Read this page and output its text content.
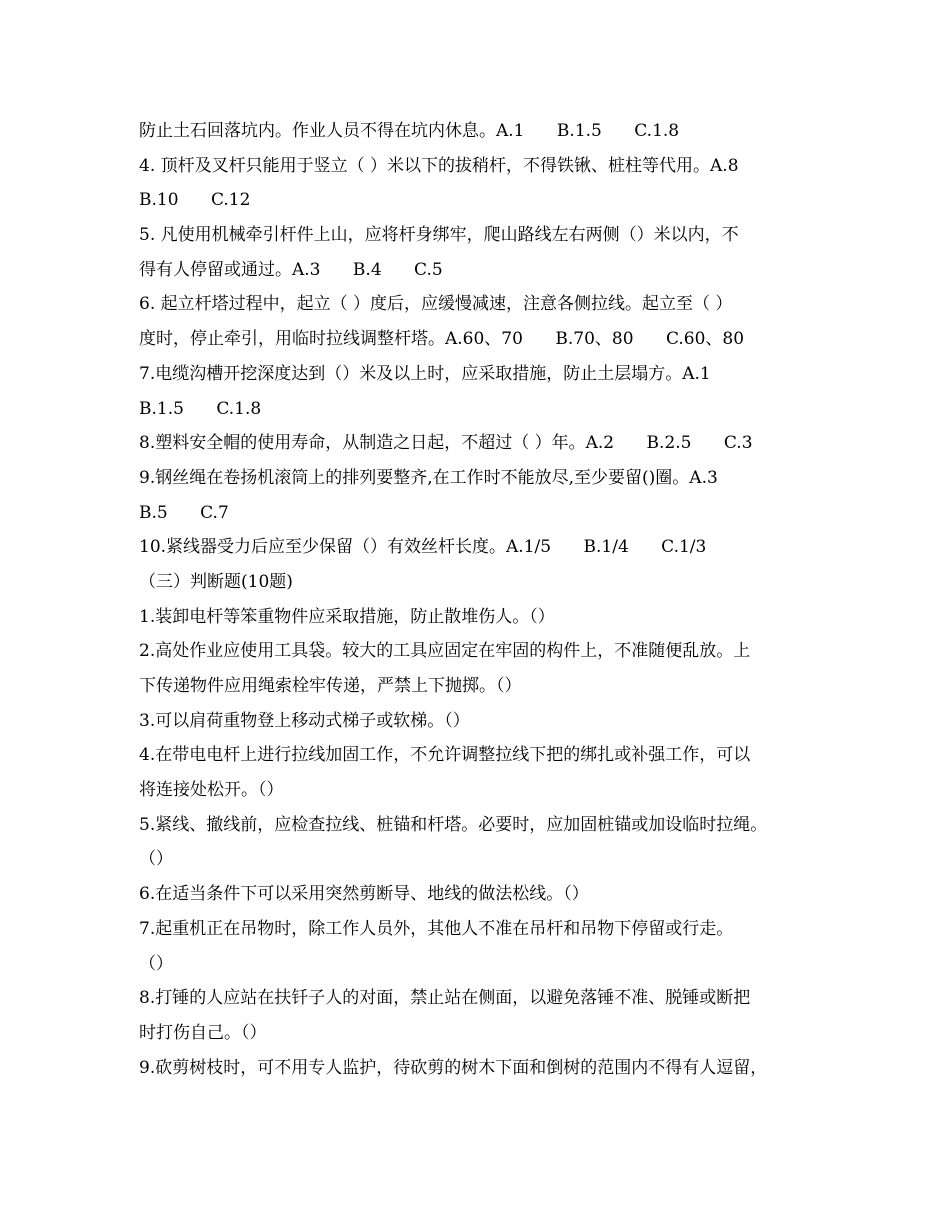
防止土石回落坑内。作业人员不得在坑内休息。A.1      B.1.5      C.1.8
4. 顶杆及叉杆只能用于竖立（ ）米以下的拔稍杆，不得铁锹、桩柱等代用。A.8
B.10      C.12
5. 凡使用机械牵引杆件上山，应将杆身绑牢，爬山路线左右两侧（）米以内，不
得有人停留或通过。A.3      B.4      C.5
6. 起立杆塔过程中，起立（ ）度后，应缓慢减速，注意各侧拉线。起立至（ ）
度时，停止牵引，用临时拉线调整杆塔。A.60、70      B.70、80      C.60、80
7.电缆沟槽开挖深度达到（）米及以上时，应采取措施，防止土层塌方。A.1
B.1.5      C.1.8
8.塑料安全帽的使用寿命，从制造之日起，不超过（ ）年。A.2      B.2.5      C.3
9.钢丝绳在卷扬机滚筒上的排列要整齐,在工作时不能放尽,至少要留()圈。A.3
B.5      C.7
10.紧线器受力后应至少保留（）有效丝杆长度。A.1/5      B.1/4      C.1/3
（三）判断题(10题)
1.装卸电杆等笨重物件应采取措施，防止散堆伤人。（）
2.高处作业应使用工具袋。较大的工具应固定在牢固的构件上，不准随便乱放。上
下传递物件应用绳索栓牢传递，严禁上下抛掷。（）
3.可以肩荷重物登上移动式梯子或软梯。（）
4.在带电电杆上进行拉线加固工作，不允许调整拉线下把的绑扎或补强工作，可以
将连接处松开。（）
5.紧线、撤线前，应检查拉线、桩锚和杆塔。必要时，应加固桩锚或加设临时拉绳。
（）
6.在适当条件下可以采用突然剪断导、地线的做法松线。（）
7.起重机正在吊物时，除工作人员外，其他人不准在吊杆和吊物下停留或行走。
（）
8.打锤的人应站在扶钎子人的对面，禁止站在侧面，以避免落锤不准、脱锤或断把
时打伤自己。（）
9.砍剪树枝时，可不用专人监护，待砍剪的树木下面和倒树的范围内不得有人逗留，
